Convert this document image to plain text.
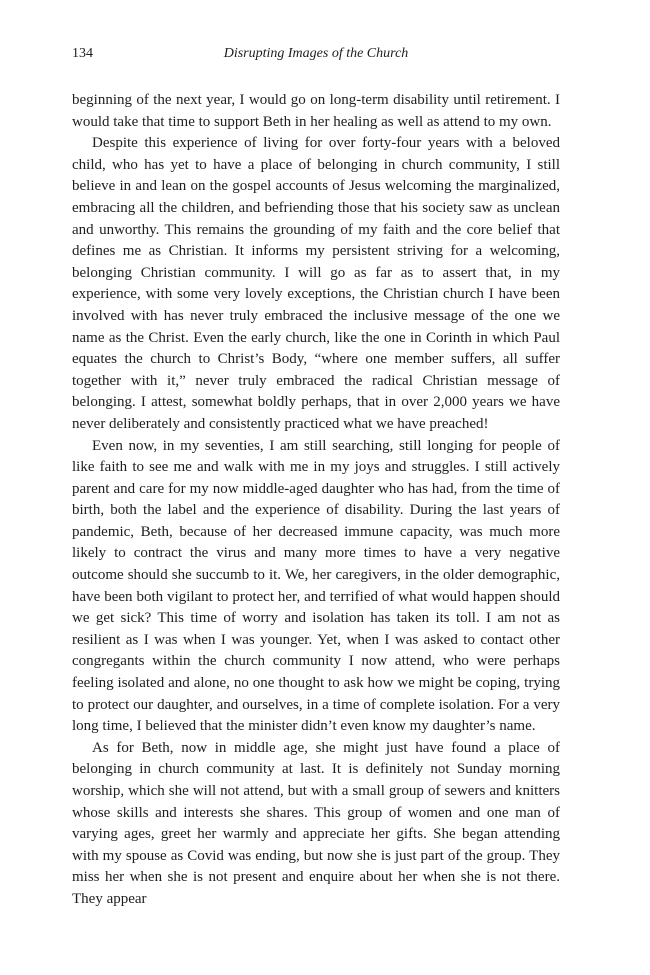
134	Disrupting Images of the Church

beginning of the next year, I would go on long-term disability until retirement. I would take that time to support Beth in her healing as well as attend to my own.

Despite this experience of living for over forty-four years with a beloved child, who has yet to have a place of belonging in church community, I still believe in and lean on the gospel accounts of Jesus welcoming the marginalized, embracing all the children, and befriending those that his society saw as unclean and unworthy. This remains the grounding of my faith and the core belief that defines me as Christian. It informs my persistent striving for a welcoming, belonging Christian community. I will go as far as to assert that, in my experience, with some very lovely exceptions, the Christian church I have been involved with has never truly embraced the inclusive message of the one we name as the Christ. Even the early church, like the one in Corinth in which Paul equates the church to Christ’s Body, “where one member suffers, all suffer together with it,” never truly embraced the radical Christian message of belonging. I attest, somewhat boldly perhaps, that in over 2,000 years we have never deliberately and consistently practiced what we have preached!

Even now, in my seventies, I am still searching, still longing for people of like faith to see me and walk with me in my joys and struggles. I still actively parent and care for my now middle-aged daughter who has had, from the time of birth, both the label and the experience of disability. During the last years of pandemic, Beth, because of her decreased immune capacity, was much more likely to contract the virus and many more times to have a very negative outcome should she succumb to it. We, her caregivers, in the older demographic, have been both vigilant to protect her, and terrified of what would happen should we get sick? This time of worry and isolation has taken its toll. I am not as resilient as I was when I was younger. Yet, when I was asked to contact other congregants within the church community I now attend, who were perhaps feeling isolated and alone, no one thought to ask how we might be coping, trying to protect our daughter, and ourselves, in a time of complete isolation. For a very long time, I believed that the minister didn’t even know my daughter’s name.

As for Beth, now in middle age, she might just have found a place of belonging in church community at last. It is definitely not Sunday morning worship, which she will not attend, but with a small group of sewers and knitters whose skills and interests she shares. This group of women and one man of varying ages, greet her warmly and appreciate her gifts. She began attending with my spouse as Covid was ending, but now she is just part of the group. They miss her when she is not present and enquire about her when she is not there. They appear
